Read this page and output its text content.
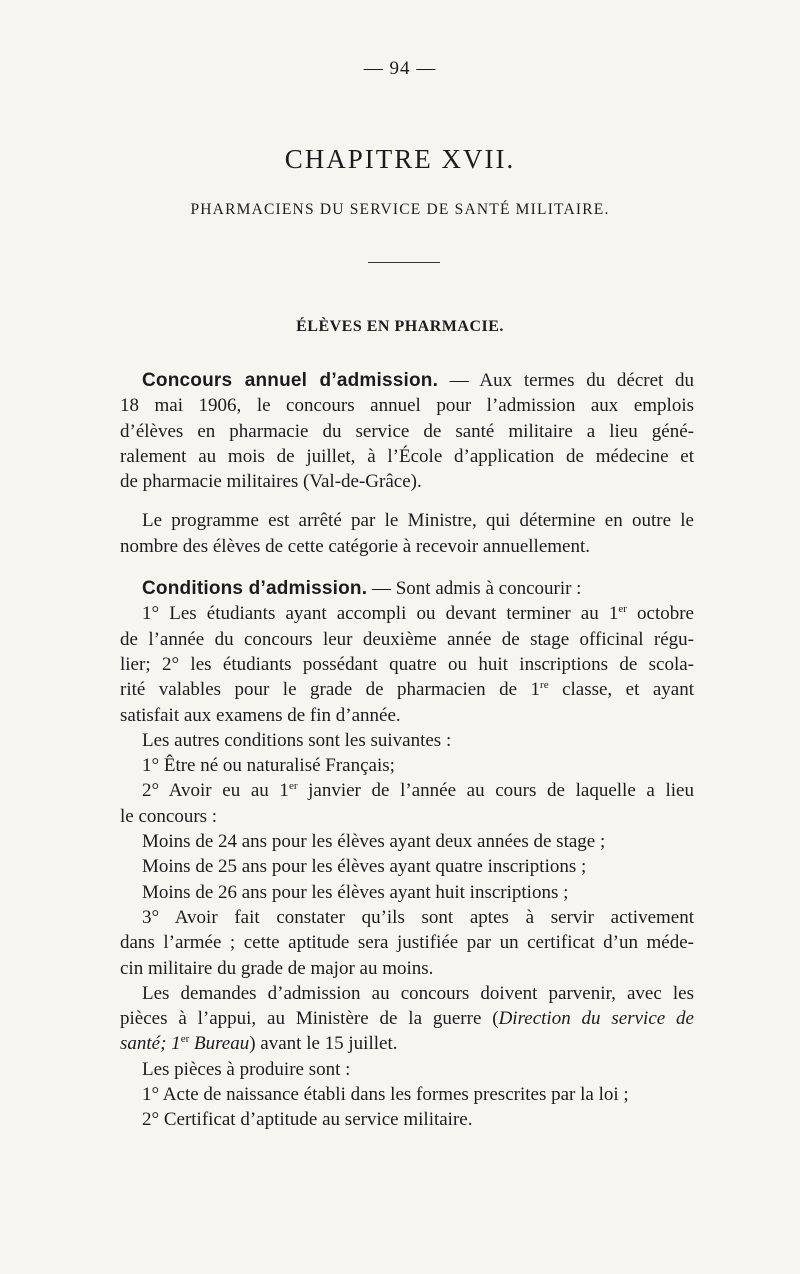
— 94 —
CHAPITRE XVII.
PHARMACIENS DU SERVICE DE SANTÉ MILITAIRE.
ÉLÈVES EN PHARMACIE.

Concours annuel d’admission. — Aux termes du décret du

18 mai 1906, le concours annuel pour l’admission aux emplois

d’élèves en pharmacie du service de santé militaire a lieu géné-

ralement au mois de juillet, à l’École d’application de médecine et

de pharmacie militaires (Val-de-Grâce).

Le programme est arrêté par le Ministre, qui détermine en outre le

nombre des élèves de cette catégorie à recevoir annuellement.

Conditions d’admission. — Sont admis à concourir :

1° Les étudiants ayant accompli ou devant terminer au 1er octobre

de l’année du concours leur deuxième année de stage officinal régu-

lier; 2° les étudiants possédant quatre ou huit inscriptions de scola-

rité valables pour le grade de pharmacien de 1re classe, et ayant

satisfait aux examens de fin d’année.

Les autres conditions sont les suivantes :

1° Être né ou naturalisé Français;

2° Avoir eu au 1er janvier de l’année au cours de laquelle a lieu

le concours :

Moins de 24 ans pour les élèves ayant deux années de stage ;

Moins de 25 ans pour les élèves ayant quatre inscriptions ;

Moins de 26 ans pour les élèves ayant huit inscriptions ;

3° Avoir fait constater qu’ils sont aptes à servir activement

dans l’armée ; cette aptitude sera justifiée par un certificat d’un méde-

cin militaire du grade de major au moins.

Les demandes d’admission au concours doivent parvenir, avec les

pièces à l’appui, au Ministère de la guerre (Direction du service de

santé; 1er Bureau) avant le 15 juillet.

Les pièces à produire sont :

1° Acte de naissance établi dans les formes prescrites par la loi ;

2° Certificat d’aptitude au service militaire.
